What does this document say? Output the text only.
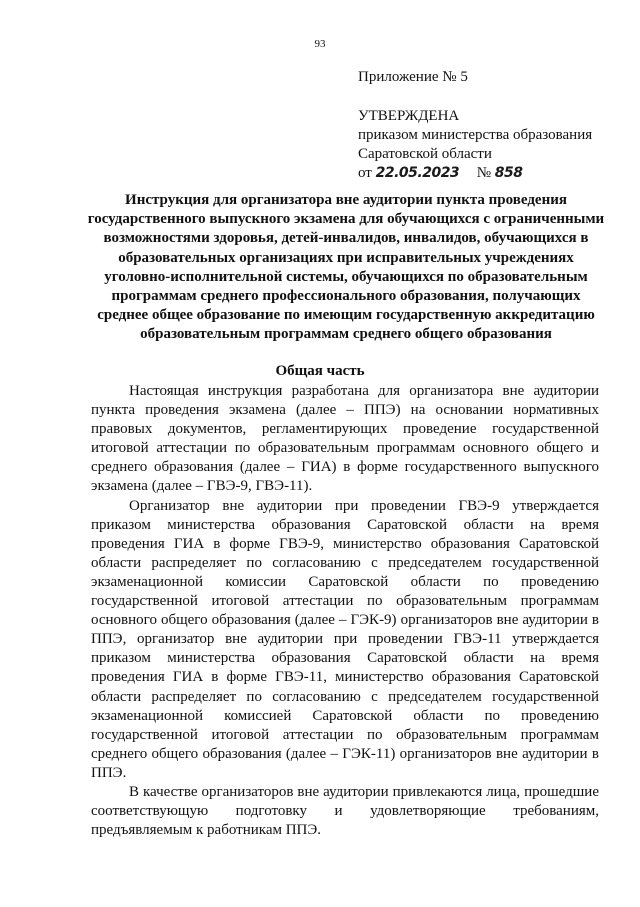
93
Приложение № 5
УТВЕРЖДЕНА
приказом министерства образования
Саратовской области
от 22.05.2023 № 858
Инструкция для организатора вне аудитории пункта проведения государственного выпускного экзамена для обучающихся с ограниченными возможностями здоровья, детей-инвалидов, инвалидов, обучающихся в образовательных организациях при исправительных учреждениях уголовно-исполнительной системы, обучающихся по образовательным программам среднего профессионального образования, получающих среднее общее образование по имеющим государственную аккредитацию образовательным программам среднего общего образования
Общая часть

Настоящая инструкция разработана для организатора вне аудитории пункта проведения экзамена (далее – ППЭ) на основании нормативных правовых документов, регламентирующих проведение государственной итоговой аттестации по образовательным программам основного общего и среднего образования (далее – ГИА) в форме государственного выпускного экзамена (далее – ГВЭ-9, ГВЭ-11).

Организатор вне аудитории при проведении ГВЭ-9 утверждается приказом министерства образования Саратовской области на время проведения ГИА в форме ГВЭ-9, министерство образования Саратовской области распределяет по согласованию с председателем государственной экзаменационной комиссии Саратовской области по проведению государственной итоговой аттестации по образовательным программам основного общего образования (далее – ГЭК-9) организаторов вне аудитории в ППЭ, организатор вне аудитории при проведении ГВЭ-11 утверждается приказом министерства образования Саратовской области на время проведения ГИА в форме ГВЭ-11, министерство образования Саратовской области распределяет по согласованию с председателем государственной экзаменационной комиссией Саратовской области по проведению государственной итоговой аттестации по образовательным программам среднего общего образования (далее – ГЭК-11) организаторов вне аудитории в ППЭ.

В качестве организаторов вне аудитории привлекаются лица, прошедшие соответствующую подготовку и удовлетворяющие требованиям, предъявляемым к работникам ППЭ.
